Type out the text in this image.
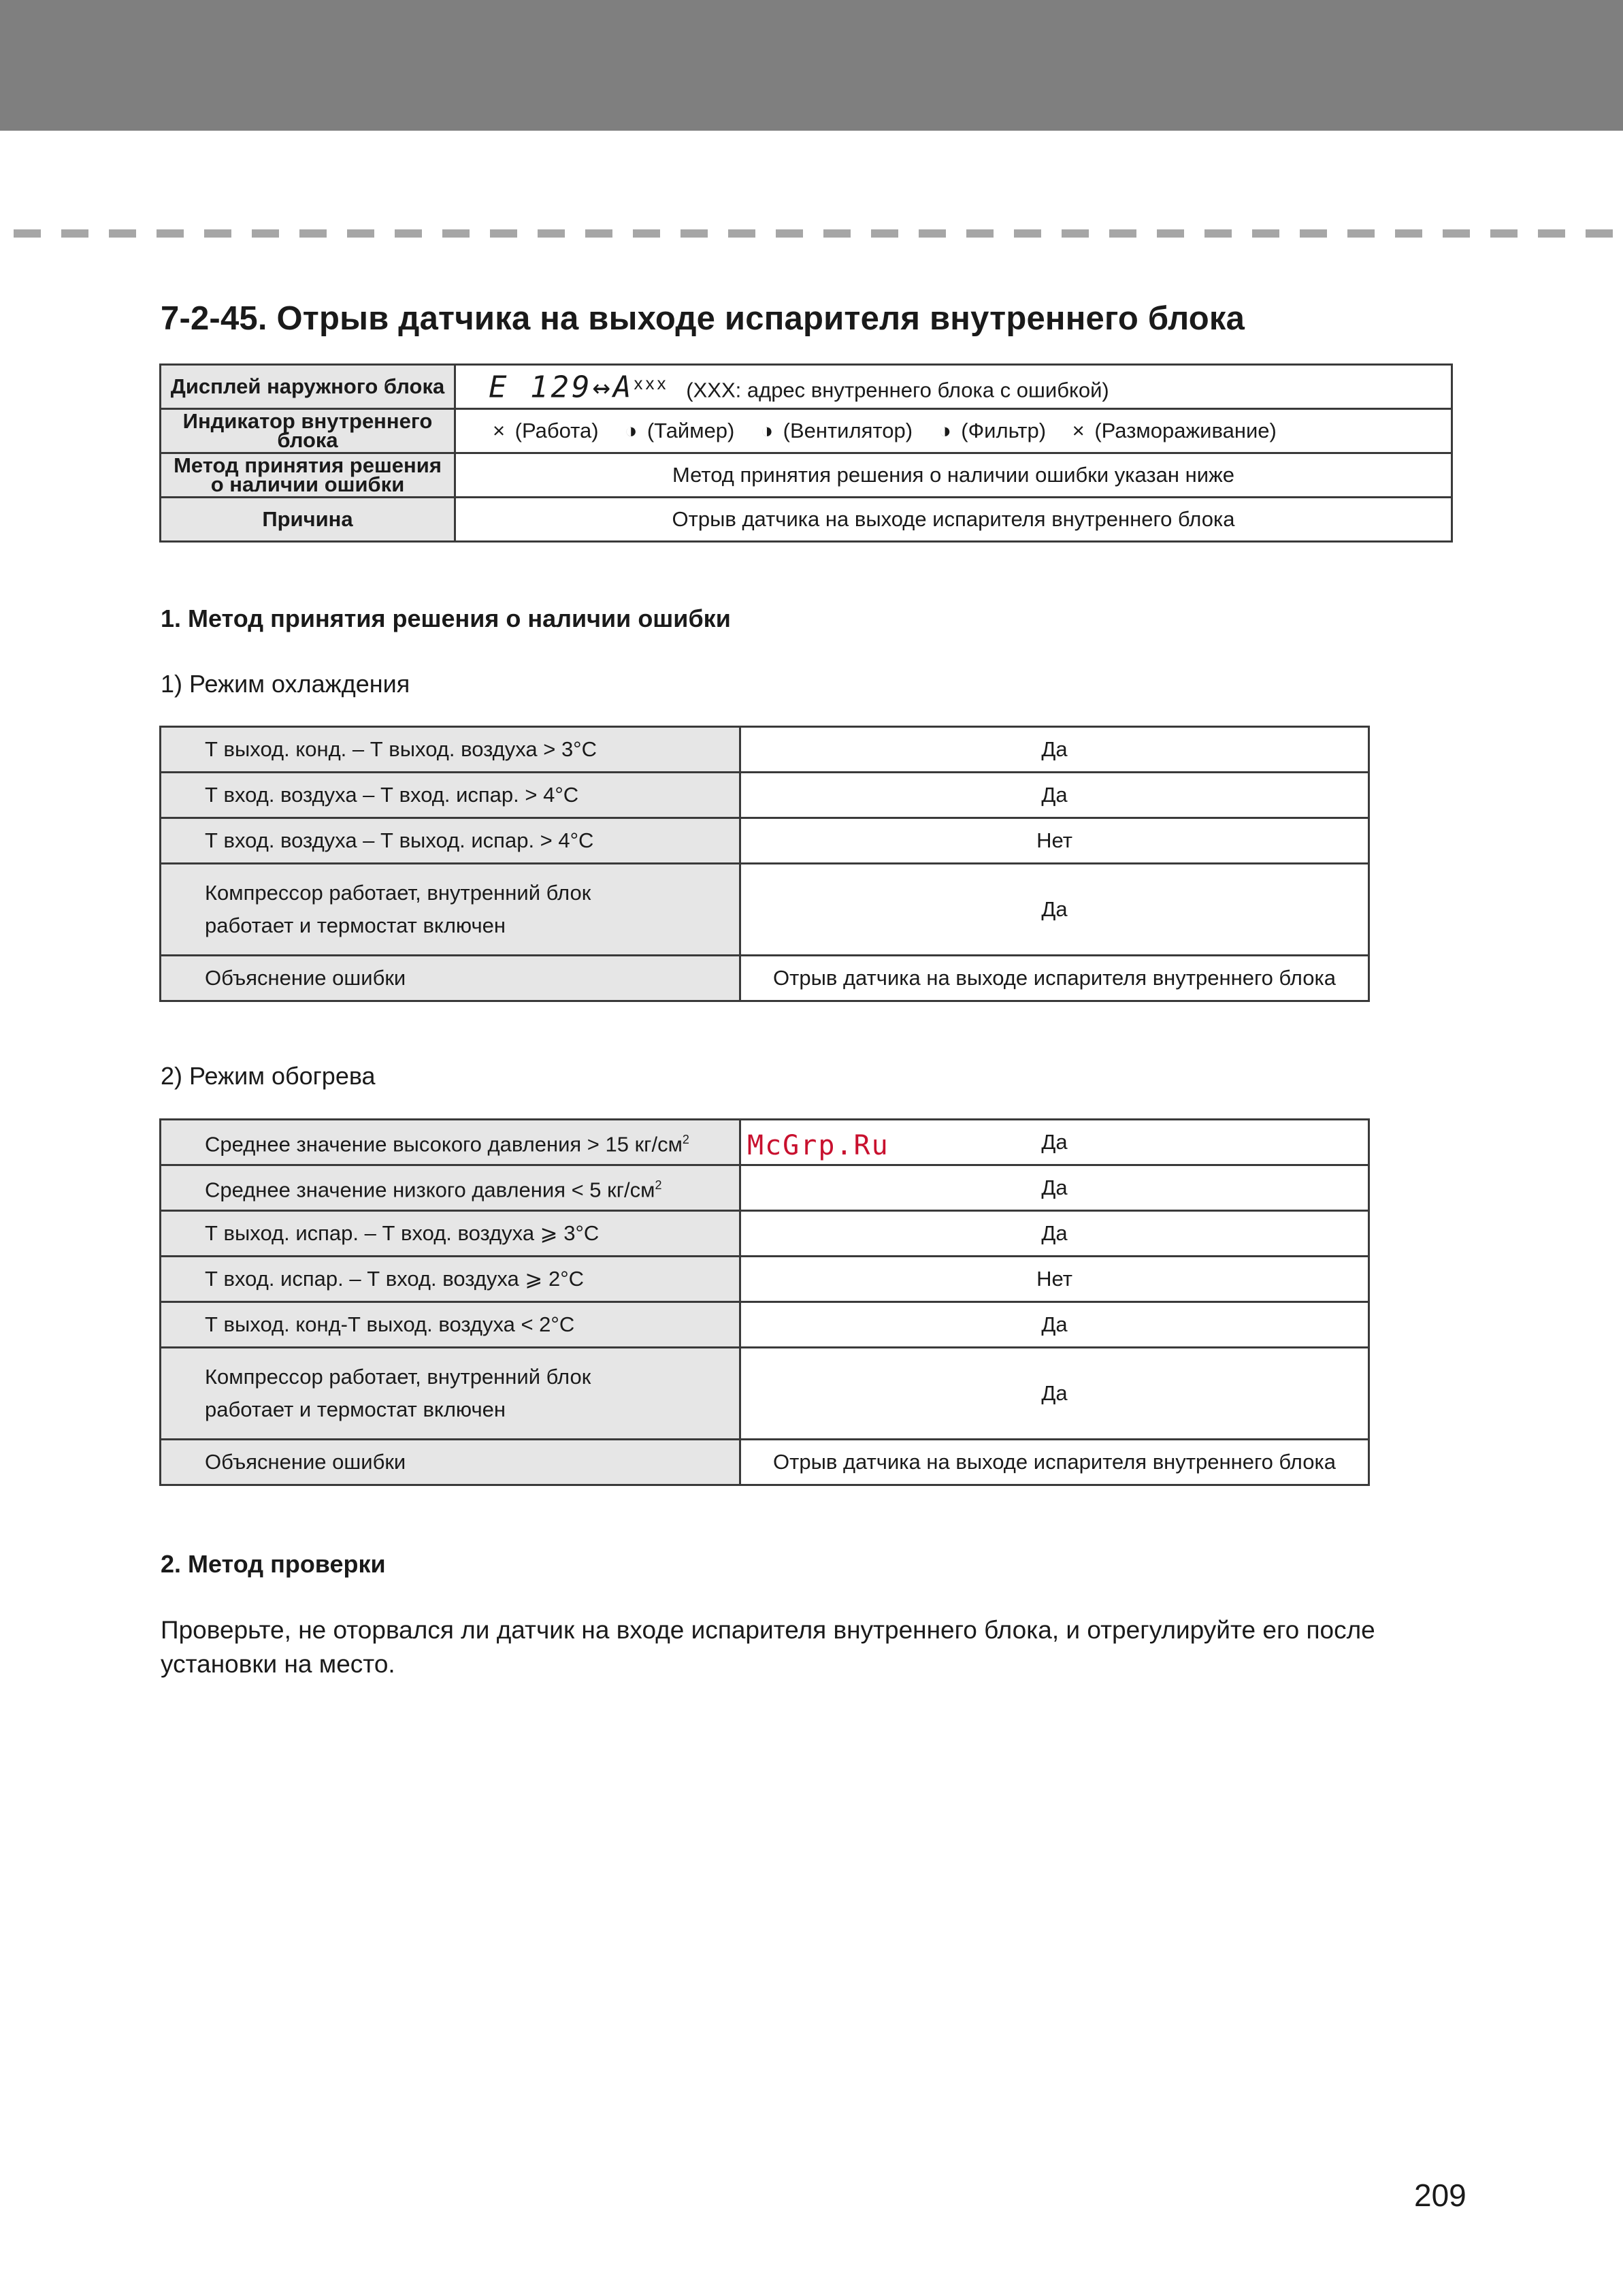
7-2-45. Отрыв датчика на выходе испарителя внутреннего блока
Дисплей наружного блока	E $129\leftrightarrow A^{xxx}$ (XXX: адрес внутреннего блока с ошибкой)
Индикатор внутреннего блока	× (Работа) ◑ (Таймер) ◑ (Вентилятор) ◑ (Фильтр) × (Размораживание)
Метод принятия решения
о наличии ошибки	Метод принятия решения о наличии ошибки указан ниже
Причина	Отрыв датчика на выходе испарителя внутреннего блока
1. Метод принятия решения о наличии ошибки
1) Режим охлаждения
Т выход. конд. – Т выход. воздуха > 3°C	Да
Т вход. воздуха – Т вход. испар. > 4°C	Да
Т вход. воздуха – Т выход. испар. > 4°C	Нет
Компрессор работает, внутренний блок
работает и термостат включен	Да
Объяснение ошибки	Отрыв датчика на выходе испарителя внутреннего блока
2) Режим обогрева
Среднее значение высокого давления > 15 $кг/см^2$	Да
Среднее значение низкого давления < 5 $кг/см^2$	Да
Т выход. испар. – Т вход. воздуха ⩾ 3°C	Да
Т вход. испар. – Т вход. воздуха ⩾ 2°C	Нет
Т выход. конд-Т выход. воздуха < 2°C	Да
Компрессор работает, внутренний блок
работает и термостат включен	Да
Объяснение ошибки	Отрыв датчика на выходе испарителя внутреннего блока
McGrp.Ru
2. Метод проверки
Проверьте, не оторвался ли датчик на входе испарителя внутреннего блока, и отрегулируйте его после установки на место.
209
